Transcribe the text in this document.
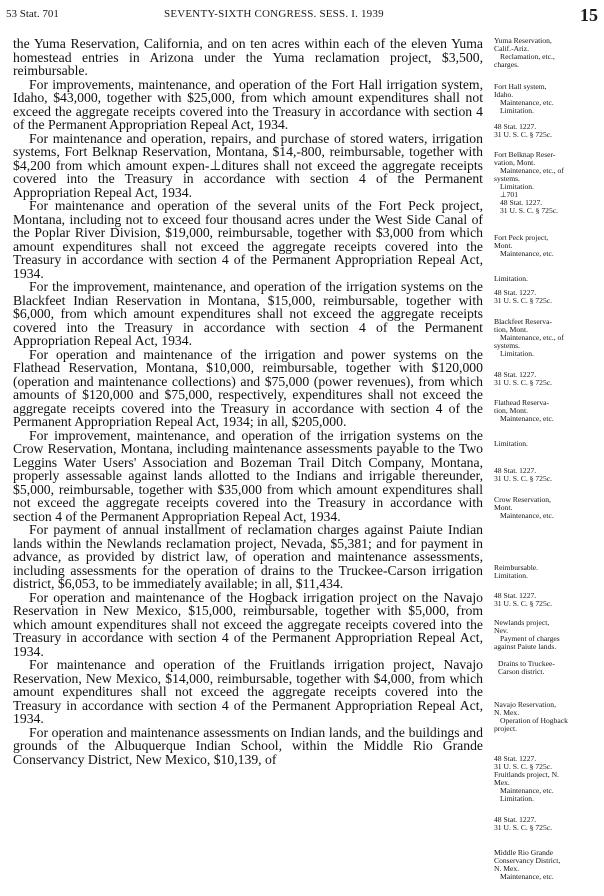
53 Stat. 701	SEVENTY-SIXTH CONGRESS. SESS. I. 1939	15

the Yuma Reservation, California, and on ten acres within each of the eleven Yuma homestead entries in Arizona under the Yuma reclamation project, $3,500, reimbursable.

For improvements, maintenance, and operation of the Fort Hall irrigation system, Idaho, $43,000, together with $25,000, from which amount expenditures shall not exceed the aggregate receipts covered into the Treasury in accordance with section 4 of the Permanent Appropriation Repeal Act, 1934.

For maintenance and operation, repairs, and purchase of stored waters, irrigation systems, Fort Belknap Reservation, Montana, $14,-800, reimbursable, together with $4,200 from which amount expen-⊥ditures shall not exceed the aggregate receipts covered into the Treasury in accordance with section 4 of the Permanent Appropriation Repeal Act, 1934.

For maintenance and operation of the several units of the Fort Peck project, Montana, including not to exceed four thousand acres under the West Side Canal of the Poplar River Division, $19,000, reimbursable, together with $3,000 from which amount expenditures shall not exceed the aggregate receipts covered into the Treasury in accordance with section 4 of the Permanent Appropriation Repeal Act, 1934.

For the improvement, maintenance, and operation of the irrigation systems on the Blackfeet Indian Reservation in Montana, $15,000, reimbursable, together with $6,000, from which amount expenditures shall not exceed the aggregate receipts covered into the Treasury in accordance with section 4 of the Permanent Appropriation Repeal Act, 1934.

For operation and maintenance of the irrigation and power systems on the Flathead Reservation, Montana, $10,000, reimbursable, together with $120,000 (operation and maintenance collections) and $75,000 (power revenues), from which amounts of $120,000 and $75,000, respectively, expenditures shall not exceed the aggregate receipts covered into the Treasury in accordance with section 4 of the Permanent Appropriation Repeal Act, 1934; in all, $205,000.

For improvement, maintenance, and operation of the irrigation systems on the Crow Reservation, Montana, including maintenance assessments payable to the Two Leggins Water Users' Association and Bozeman Trail Ditch Company, Montana, properly assessable against lands allotted to the Indians and irrigable thereunder, $5,000, reimbursable, together with $35,000 from which amount expenditures shall not exceed the aggregate receipts covered into the Treasury in accordance with section 4 of the Permanent Appropriation Repeal Act, 1934.

For payment of annual installment of reclamation charges against Paiute Indian lands within the Newlands reclamation project, Nevada, $5,381; and for payment in advance, as provided by district law, of operation and maintenance assessments, including assessments for the operation of drains to the Truckee-Carson irrigation district, $6,053, to be immediately available; in all, $11,434.

For operation and maintenance of the Hogback irrigation project on the Navajo Reservation in New Mexico, $15,000, reimbursable, together with $5,000, from which amount expenditures shall not exceed the aggregate receipts covered into the Treasury in accordance with section 4 of the Permanent Appropriation Repeal Act, 1934.

For maintenance and operation of the Fruitlands irrigation project, Navajo Reservation, New Mexico, $14,000, reimbursable, together with $4,000, from which amount expenditures shall not exceed the aggregate receipts covered into the Treasury in accordance with section 4 of the Permanent Appropriation Repeal Act, 1934.

For operation and maintenance assessments on Indian lands, and the buildings and grounds of the Albuquerque Indian School, within the Middle Rio Grande Conservancy District, New Mexico, $10,139, of

Yuma Reservation,
Calif.-Ariz.
Reclamation, etc.,
charges.
Fort Hall system,
Idaho.
Maintenance, etc.
Limitation.
48 Stat. 1227.
31 U. S. C. § 725c.
Fort Belknap Reser-
vation, Mont.
Maintenance, etc., of
systems.
Limitation.
⊥701
48 Stat. 1227.
31 U. S. C. § 725c.
Fort Peck project,
Mont.
Maintenance, etc.
Limitation.
48 Stat. 1227.
31 U. S. C. § 725c.
Blackfeet Reserva-
tion, Mont.
Maintenance, etc., of
systems.
Limitation.
48 Stat. 1227.
31 U. S. C. § 725c.
Flathead Reserva-
tion, Mont.
Maintenance, etc.
Limitation.
48 Stat. 1227.
31 U. S. C. § 725c.
Crow Reservation,
Mont.
Maintenance, etc.
Reimbursable.
Limitation.
48 Stat. 1227.
31 U. S. C. § 725c.
Newlands project,
Nev.
Payment of charges
against Paiute lands.
Drains to Truckee-
Carson district.
Navajo Reservation,
N. Mex.
Operation of Hogback
project.
48 Stat. 1227.
31 U. S. C. § 725c.
Fruitlands project, N.
Mex.
Maintenance, etc.
Limitation.
48 Stat. 1227.
31 U. S. C. § 725c.
Middle Rio Grande
Conservancy District,
N. Mex.
Maintenance, etc.
